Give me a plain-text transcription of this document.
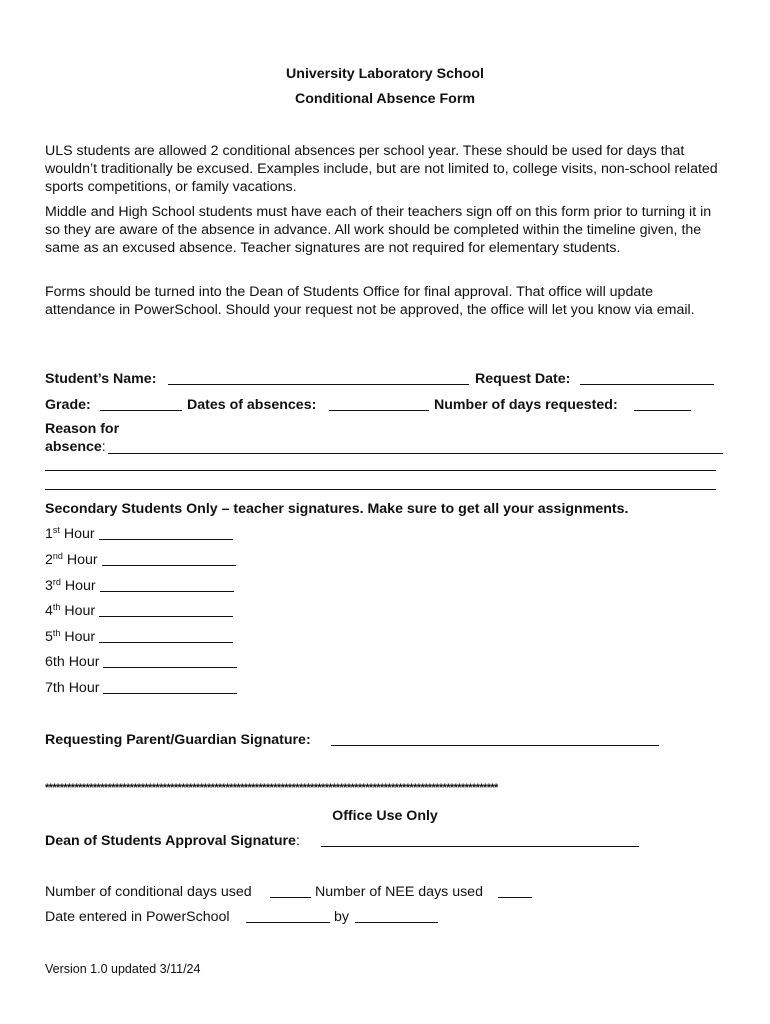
University Laboratory School
Conditional Absence Form
ULS students are allowed 2 conditional absences per school year. These should be used for days that wouldn’t traditionally be excused. Examples include, but are not limited to, college visits, non-school related sports competitions, or family vacations.
Middle and High School students must have each of their teachers sign off on this form prior to turning it in so they are aware of the absence in advance. All work should be completed within the timeline given, the same as an excused absence. Teacher signatures are not required for elementary students.
Forms should be turned into the Dean of Students Office for final approval. That office will update attendance in PowerSchool. Should your request not be approved, the office will let you know via email.
Student’s Name:	Request Date:
Grade:	Dates of absences:	Number of days requested:
Reason for
absence:
Secondary Students Only – teacher signatures. Make sure to get all your assignments.
1st Hour
2nd Hour
3rd Hour
4th Hour
5th Hour
6th Hour
7th Hour
Requesting Parent/Guardian Signature:
***************************************************************************************************************************
Office Use Only
Dean of Students Approval Signature:
Number of conditional days used	Number of NEE days used
Date entered in PowerSchool	by
Version 1.0 updated 3/11/24
